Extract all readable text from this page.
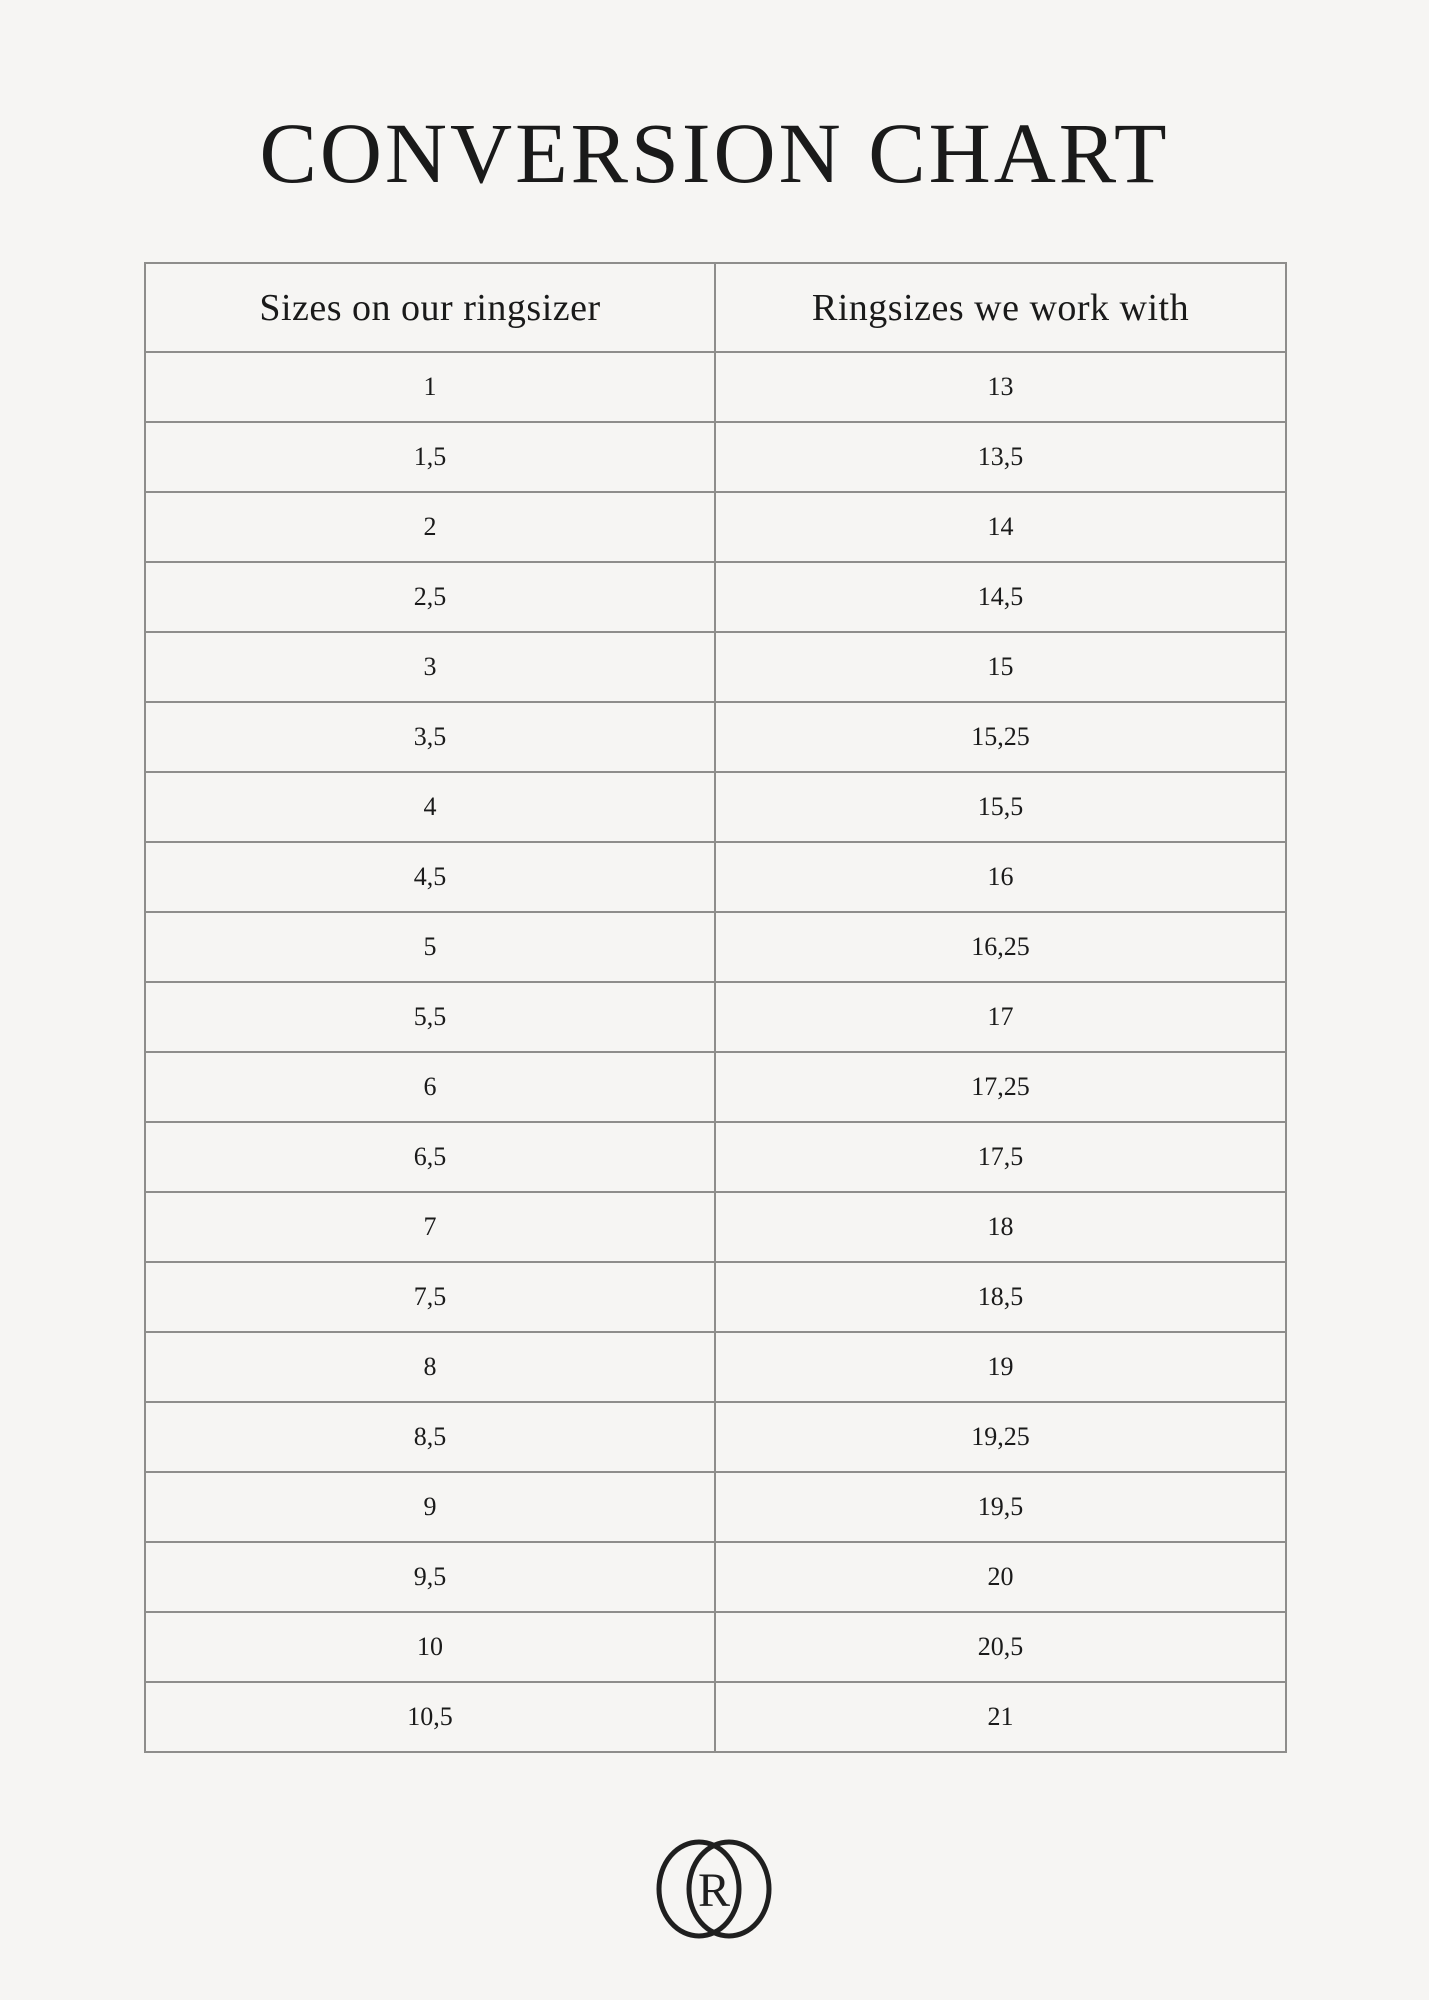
CONVERSION CHART
Sizes on our ringsizer	Ringsizes we work with
1	13
1,5	13,5
2	14
2,5	14,5
3	15
3,5	15,25
4	15,5
4,5	16
5	16,25
5,5	17
6	17,25
6,5	17,5
7	18
7,5	18,5
8	19
8,5	19,25
9	19,5
9,5	20
10	20,5
10,5	21
R
